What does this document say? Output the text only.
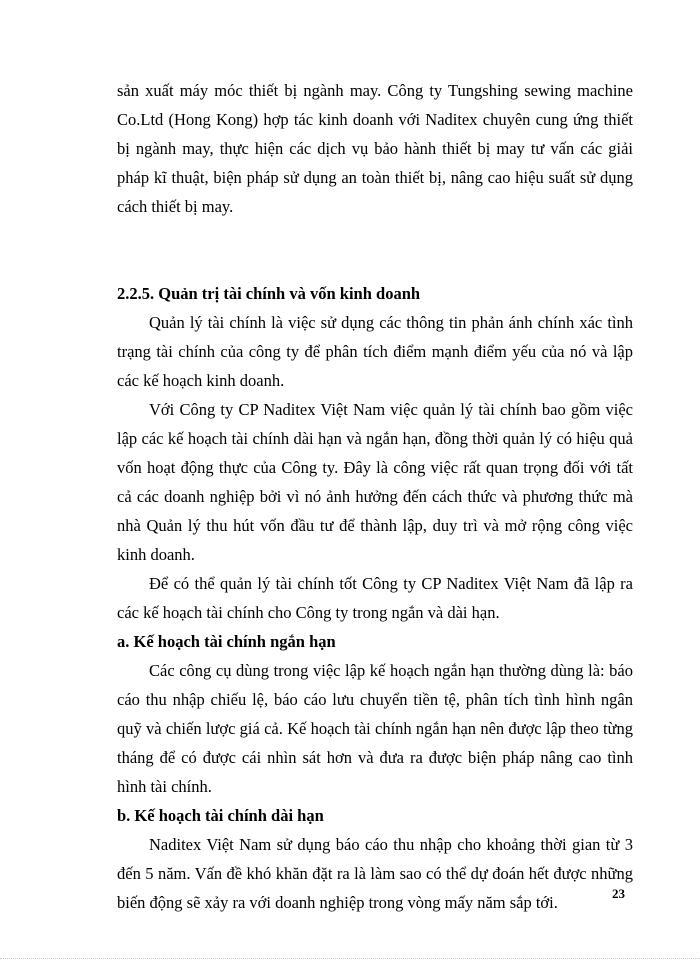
sản xuất máy móc thiết bị ngành may. Công ty Tungshing sewing machine Co.Ltd (Hong Kong) hợp tác kinh doanh với Naditex chuyên cung ứng thiết bị ngành may, thực hiện các dịch vụ bảo hành thiết bị may tư vấn các giải pháp kĩ thuật, biện pháp sử dụng an toàn thiết bị, nâng cao hiệu suất sử dụng cách thiết bị may.

2.2.5. Quản trị tài chính và vốn kinh doanh

Quản lý tài chính là việc sử dụng các thông tin phản ánh chính xác tình trạng tài chính của công ty để phân tích điểm mạnh điểm yếu của nó và lập các kế hoạch kinh doanh.

Với Công ty CP Naditex Việt Nam việc quản lý tài chính bao gồm việc lập các kế hoạch tài chính dài hạn và ngắn hạn, đồng thời quản lý có hiệu quả vốn hoạt động thực của Công ty. Đây là công việc rất quan trọng đối với tất cả các doanh nghiệp bởi vì nó ảnh hưởng đến cách thức và phương thức mà nhà Quản lý thu hút vốn đầu tư để thành lập, duy trì và mở rộng công việc kinh doanh.

Để có thể quản lý tài chính tốt Công ty CP Naditex Việt Nam đã lập ra các kế hoạch tài chính cho Công ty trong ngắn và dài hạn.

a. Kế hoạch tài chính ngắn hạn

Các công cụ dùng trong việc lập kế hoạch ngắn hạn thường dùng là: báo cáo thu nhập chiếu lệ, báo cáo lưu chuyển tiền tệ, phân tích tình hình ngân quỹ và chiến lược giá cả. Kế hoạch tài chính ngắn hạn nên được lập theo từng tháng để có được cái nhìn sát hơn và đưa ra được biện pháp nâng cao tình hình tài chính.

b. Kế hoạch tài chính dài hạn

Naditex Việt Nam sử dụng báo cáo thu nhập cho khoảng thời gian từ 3 đến 5 năm. Vấn đề khó khăn đặt ra là làm sao có thể dự đoán hết được những biến động sẽ xảy ra với doanh nghiệp trong vòng mấy năm sắp tới.	23
